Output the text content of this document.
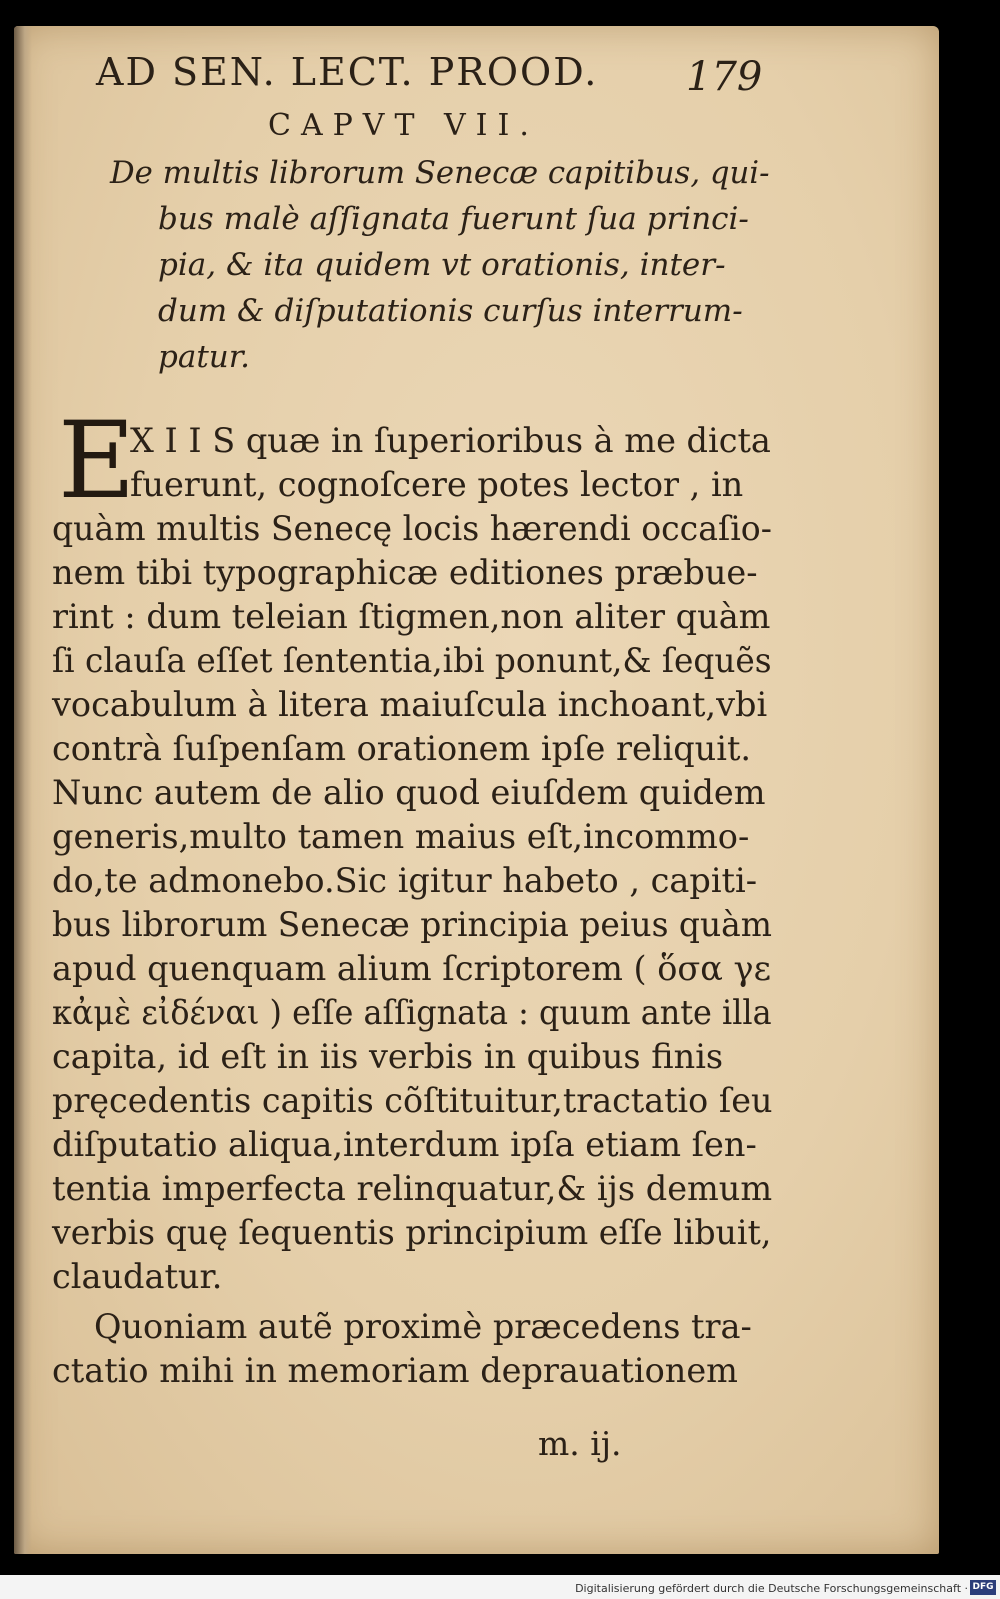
AD SEN. LECT. PROOD. 179
CAPVT VII.
De multis librorum Senecæ capitibus, qui-
bus malè aſſignata fuerunt ſua princi-
pia, & ita quidem vt orationis, inter-
dum & diſputationis curſus interrum-
patur.
E
X I I S quæ in ſuperioribus à me dicta
fuerunt, cognoſcere potes lector , in
quàm multis Senecę locis hærendi occaſio-
nem tibi typographicæ editiones præbue-
rint : dum teleian ſtigmen,non aliter quàm
ſi clauſa eſſet ſententia,ibi ponunt,& ſequẽs
vocabulum à litera maiuſcula inchoant,vbi
contrà ſuſpenſam orationem ipſe reliquit.
Nunc autem de alio quod eiuſdem quidem
generis,multo tamen maius eſt,incommo-
do,te admonebo.Sic igitur habeto , capiti-
bus librorum Senecæ principia peius quàm
apud quenquam alium ſcriptorem ( ὅσα γε
κἀμὲ εἰδέναι ) eſſe aſſignata : quum ante illa
capita, id eſt in iis verbis in quibus finis
pręcedentis capitis cõſtituitur,tractatio ſeu
diſputatio aliqua,interdum ipſa etiam ſen-
tentia imperfecta relinquatur,& ijs demum
verbis quę ſequentis principium eſſe libuit,
claudatur.
Quoniam autẽ proximè præcedens tra-
ctatio mihi in memoriam deprauationem
m. ij.
Digitalisierung gefördert durch die Deutsche Forschungsgemeinschaft · DFG
